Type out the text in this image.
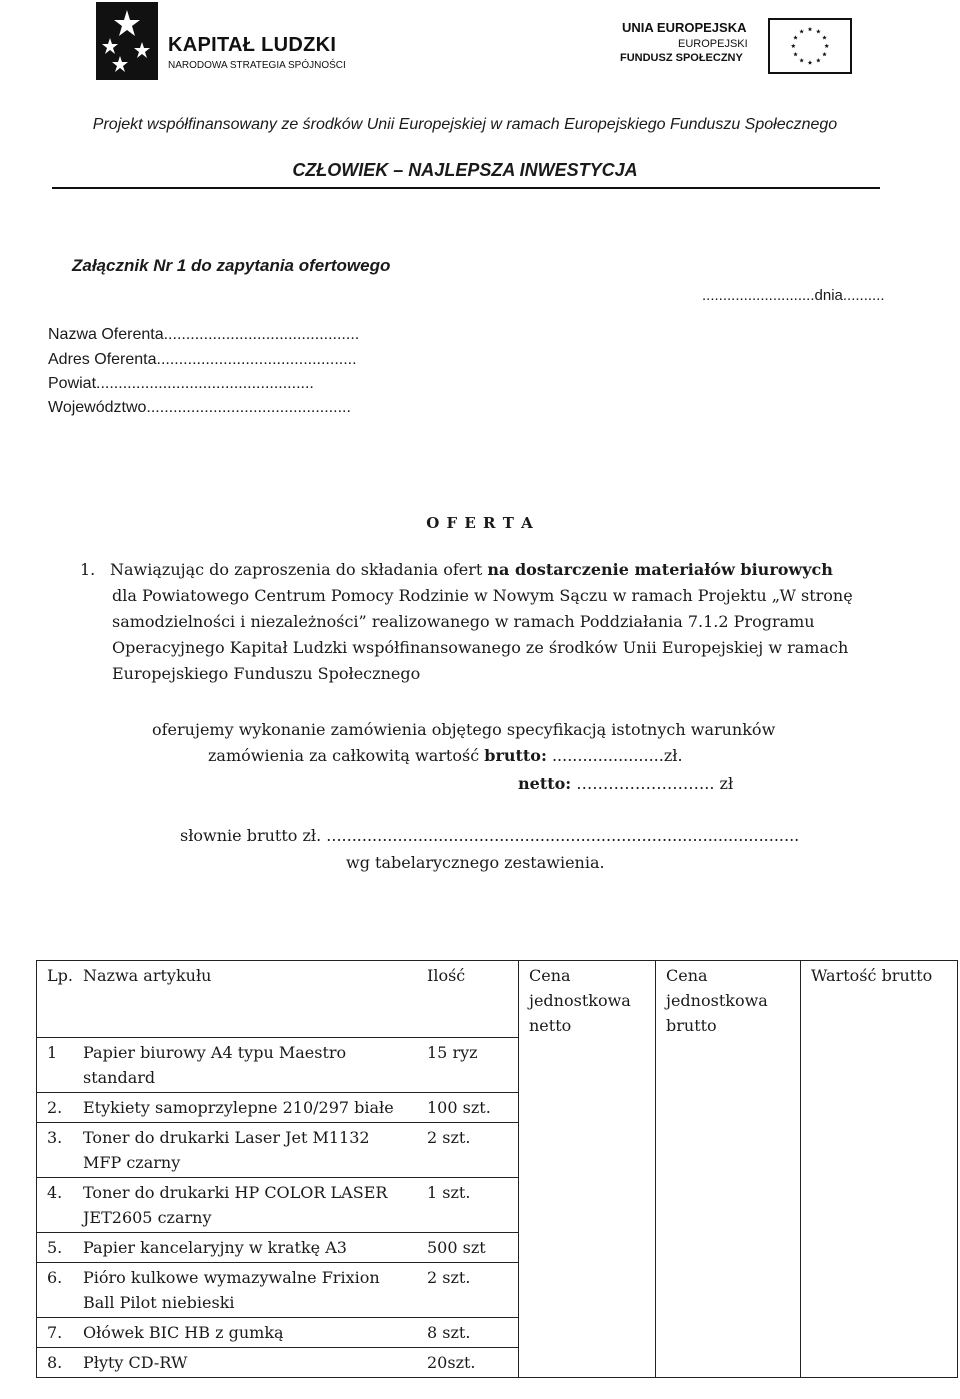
KAPITAŁ LUDZKI
NARODOWA STRATEGIA SPÓJNOŚCI
UNIA EUROPEJSKA
EUROPEJSKI
FUNDUSZ SPOŁECZNY
Projekt współfinansowany ze środków Unii Europejskiej w ramach Europejskiego Funduszu Społecznego
CZŁOWIEK – NAJLEPSZA INWESTYCJA
Załącznik Nr 1 do zapytania ofertowego
...........................dnia..........
Nazwa Oferenta............................................
Adres Oferenta.............................................
Powiat.................................................
Województwo..............................................
O F E R T A
1. Nawiązując do zaproszenia do składania ofert na dostarczenie materiałów biurowych
dla Powiatowego Centrum Pomocy Rodzinie w Nowym Sączu w ramach Projektu „W stronę
samodzielności i niezależności” realizowanego w ramach Poddziałania 7.1.2 Programu
Operacyjnego Kapitał Ludzki współfinansowanego ze środków Unii Europejskiej w ramach
Europejskiego Funduszu Społecznego
oferujemy wykonanie zamówienia objętego specyfikacją istotnych warunków
zamówienia za całkowitą wartość brutto: ......................zł.
netto: …………………….. zł
słownie brutto zł. .............................................................................................
wg tabelarycznego zestawienia.
Lp.	Nazwa artykułu	Ilość	Cena jednostkowa netto	Cena jednostkowa brutto	Wartość brutto
1	Papier biurowy A4 typu Maestro standard	15 ryz			
2.	Etykiety samoprzylepne 210/297 białe	100 szt.			
3.	Toner do drukarki Laser Jet M1132 MFP czarny	2 szt.			
4.	Toner do drukarki HP COLOR LASER JET2605 czarny	1 szt.			
5.	Papier kancelaryjny w kratkę A3	500 szt			
6.	Pióro kulkowe wymazywalne Frixion Ball Pilot niebieski	2 szt.			
7.	Ołówek BIC HB z gumką	8 szt.			
8.	Płyty CD-RW	20szt.			
